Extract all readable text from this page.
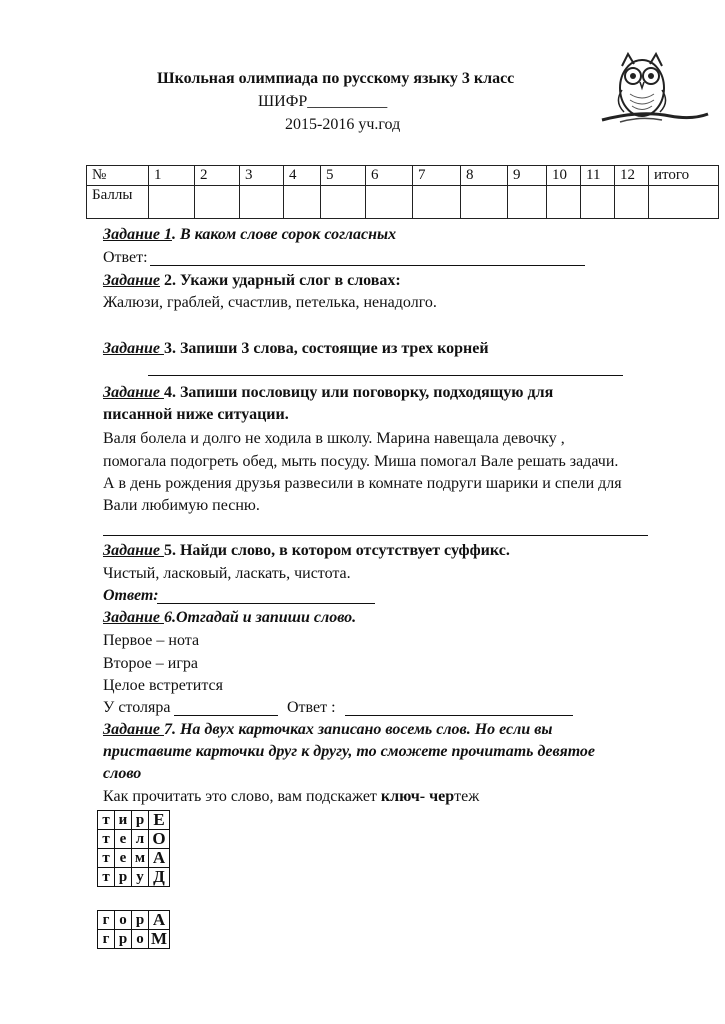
Школьная олимпиада по русскому языку 3 класс
ШИФР__________
2015-2016 уч.год
№	1	2	3	4	5	6	7	8	9	10	11	12	итого
Баллы													
Задание 1. В каком слове сорок согласных
Ответ:
Задание 2. Укажи ударный слог в словах:
Жалюзи, граблей, счастлив, петелька, ненадолго.
Задание 3. Запиши 3 слова, состоящие из трех корней
Задание 4. Запиши пословицу или поговорку, подходящую для
писанной ниже ситуации.
Валя болела и долго не ходила в школу. Марина навещала девочку ,
помогала подогреть обед, мыть посуду. Миша помогал Вале решать задачи.
А в день рождения друзья развесили в комнате подруги шарики и спели для
Вали любимую песню.
Задание 5. Найди слово, в котором отсутствует суффикс.
Чистый, ласковый, ласкать, чистота.
Ответ:
Задание 6.Отгадай и запиши слово.
Первое – нота
Второе – игра
Целое встретится
У столяра	Ответ :
Задание 7. На двух карточках записано восемь слов. Но если вы
приставите карточки друг к другу, то сможете прочитать девятое
слово
Как прочитать это слово, вам подскажет ключ- чертеж
т	и	р	Е
т	е	л	О
т	е	м	А
т	р	у	Д
г	о	р	А
г	р	о	М
